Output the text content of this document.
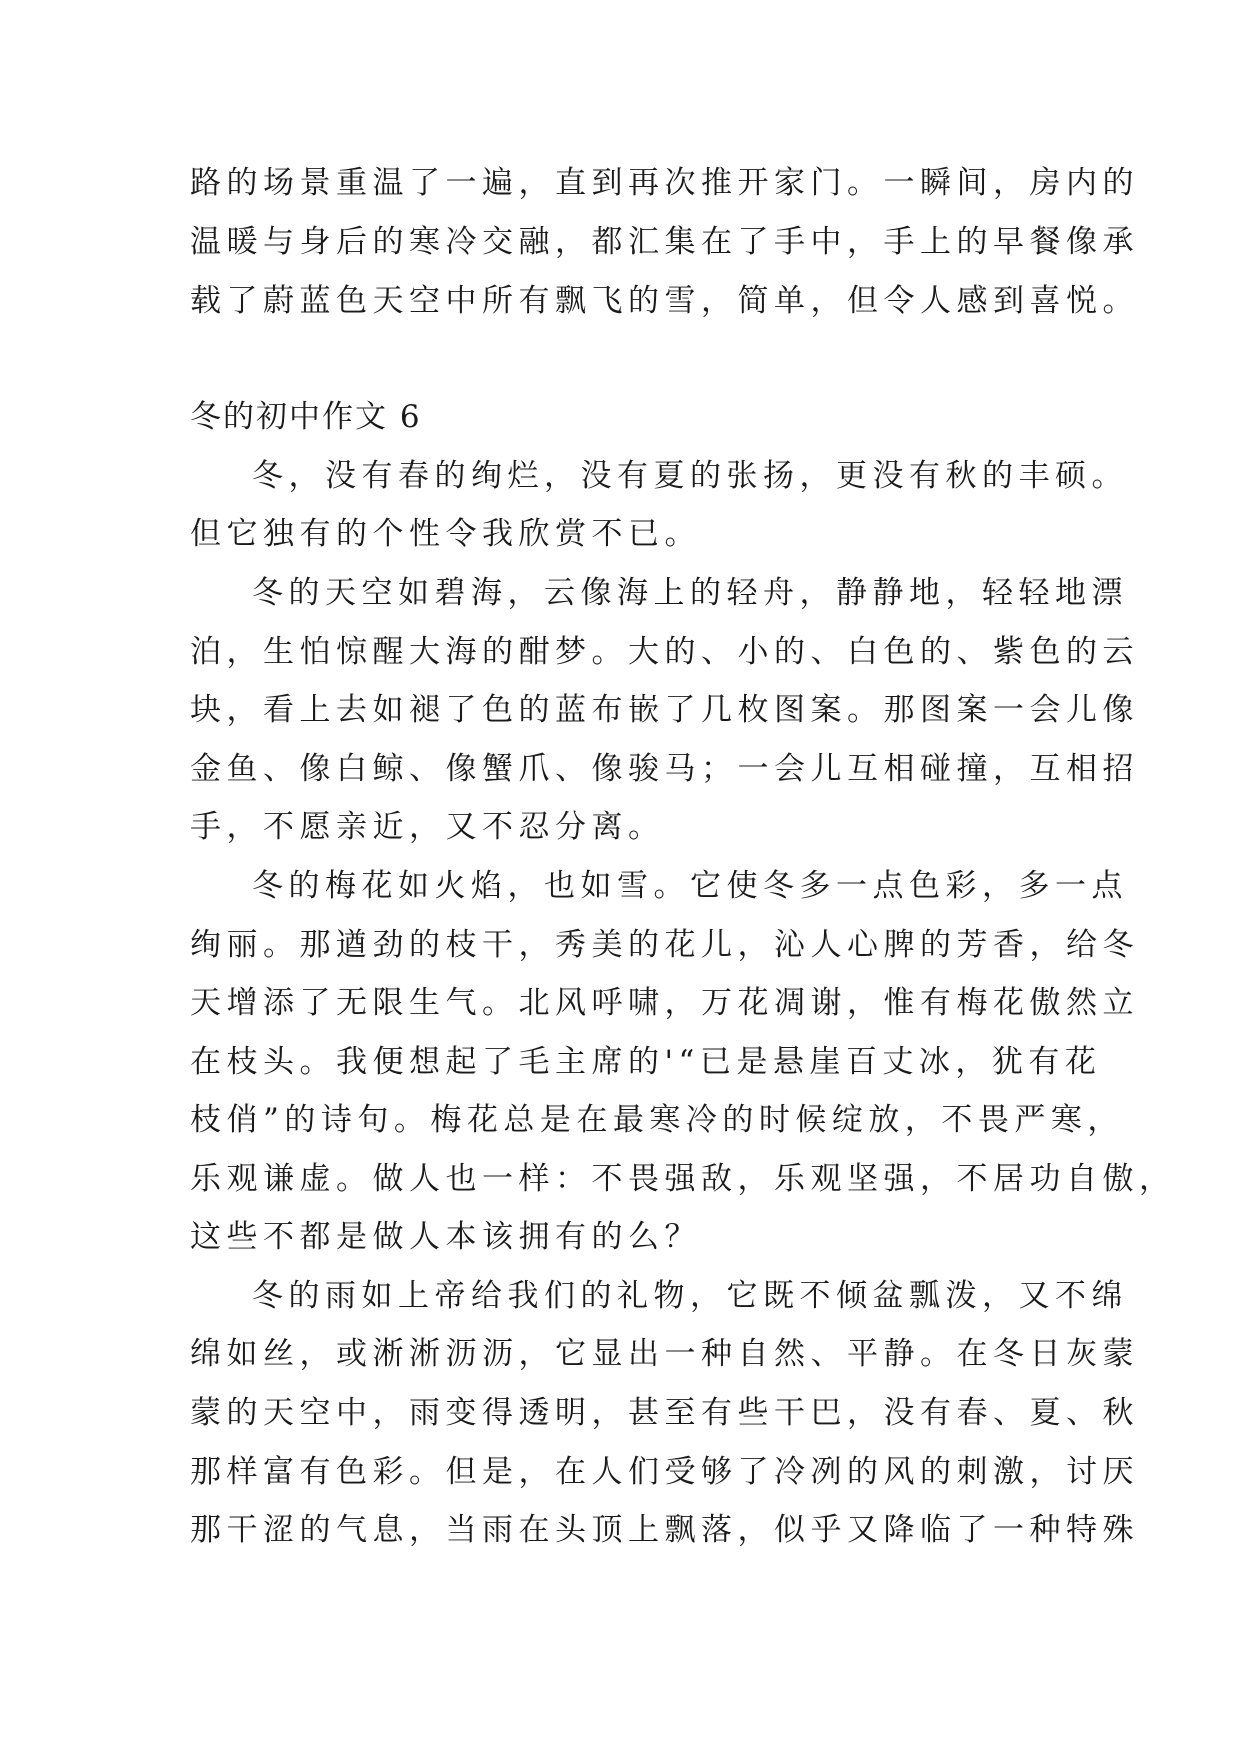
路的场景重温了一遍，直到再次推开家门。一瞬间，房内的
温暖与身后的寒冷交融，都汇集在了手中，手上的早餐像承
载了蔚蓝色天空中所有飘飞的雪，简单，但令人感到喜悦。
冬的初中作文 6
冬，没有春的绚烂，没有夏的张扬，更没有秋的丰硕。
但它独有的个性令我欣赏不已。
冬的天空如碧海，云像海上的轻舟，静静地，轻轻地漂
泊，生怕惊醒大海的酣梦。大的、小的、白色的、紫色的云
块，看上去如褪了色的蓝布嵌了几枚图案。那图案一会儿像
金鱼、像白鲸、像蟹爪、像骏马；一会儿互相碰撞，互相招
手，不愿亲近，又不忍分离。
冬的梅花如火焰，也如雪。它使冬多一点色彩，多一点
绚丽。那遒劲的枝干，秀美的花儿，沁人心脾的芳香，给冬
天增添了无限生气。北风呼啸，万花凋谢，惟有梅花傲然立
在枝头。我便想起了毛主席的'“已是悬崖百丈冰，犹有花
枝俏”的诗句。梅花总是在最寒冷的时候绽放，不畏严寒，
乐观谦虚。做人也一样：不畏强敌，乐观坚强，不居功自傲，
这些不都是做人本该拥有的么？
冬的雨如上帝给我们的礼物，它既不倾盆瓢泼，又不绵
绵如丝，或淅淅沥沥，它显出一种自然、平静。在冬日灰蒙
蒙的天空中，雨变得透明，甚至有些干巴，没有春、夏、秋
那样富有色彩。但是，在人们受够了冷冽的风的刺激，讨厌
那干涩的气息，当雨在头顶上飘落，似乎又降临了一种特殊
